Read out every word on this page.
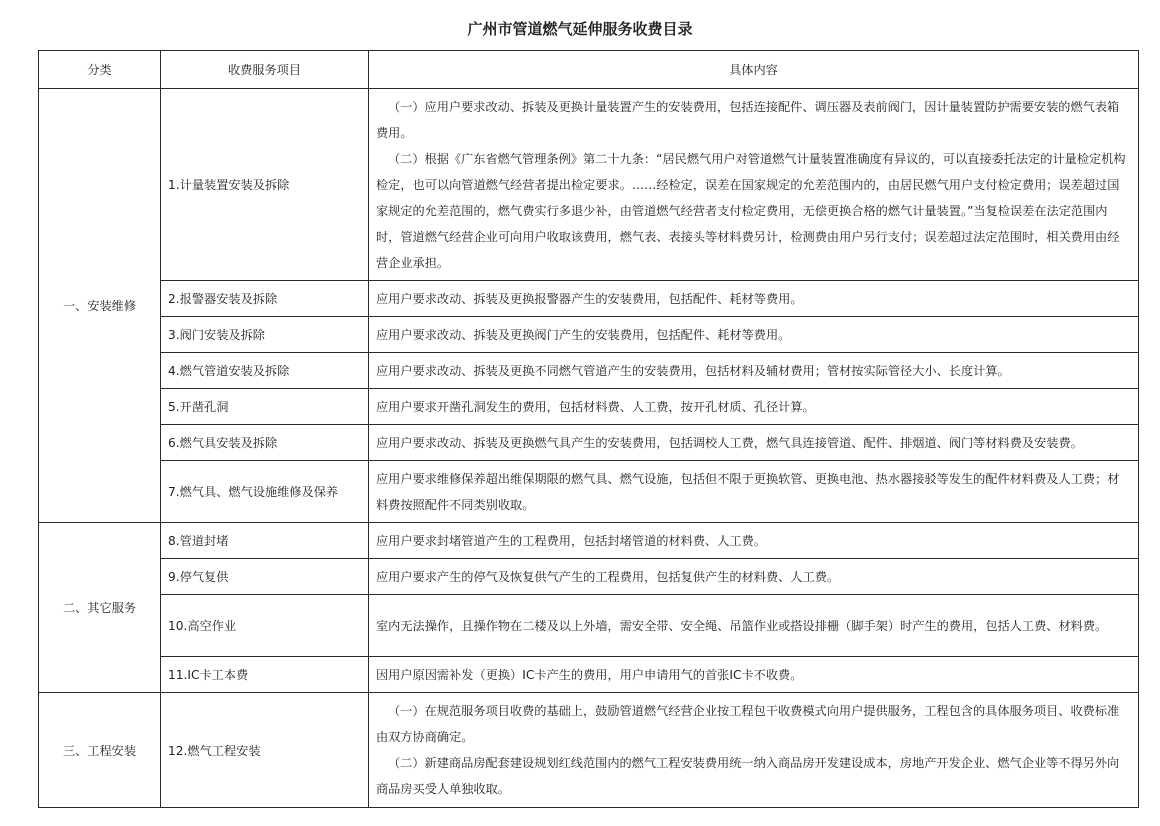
广州市管道燃气延伸服务收费目录
分类	收费服务项目	具体内容
一、安装维修	1.计量装置安装及拆除	（一）应用户要求改动、拆装及更换计量装置产生的安装费用，包括连接配件、调压器及表前阀门，因计量装置防护需要安装的燃气表箱费用。
（二）根据《广东省燃气管理条例》第二十九条：“居民燃气用户对管道燃气计量装置准确度有异议的，可以直接委托法定的计量检定机构检定，也可以向管道燃气经营者提出检定要求。……经检定，误差在国家规定的允差范围内的，由居民燃气用户支付检定费用；误差超过国家规定的允差范围的，燃气费实行多退少补，由管道燃气经营者支付检定费用，无偿更换合格的燃气计量装置。”当复检误差在法定范围内时，管道燃气经营企业可向用户收取该费用，燃气表、表接头等材料费另计，检测费由用户另行支付；误差超过法定范围时，相关费用由经营企业承担。

	2.报警器安装及拆除	应用户要求改动、拆装及更换报警器产生的安装费用，包括配件、耗材等费用。
	3.阀门安装及拆除	应用户要求改动、拆装及更换阀门产生的安装费用，包括配件、耗材等费用。
	4.燃气管道安装及拆除	应用户要求改动、拆装及更换不同燃气管道产生的安装费用，包括材料及辅材费用；管材按实际管径大小、长度计算。
	5.开凿孔洞	应用户要求开凿孔洞发生的费用，包括材料费、人工费，按开孔材质、孔径计算。
	6.燃气具安装及拆除	应用户要求改动、拆装及更换燃气具产生的安装费用，包括调校人工费，燃气具连接管道、配件、排烟道、阀门等材料费及安装费。
	7.燃气具、燃气设施维修及保养	应用户要求维修保养超出维保期限的燃气具、燃气设施，包括但不限于更换软管、更换电池、热水器接驳等发生的配件材料费及人工费；材料费按照配件不同类别收取。
二、其它服务	8.管道封堵	应用户要求封堵管道产生的工程费用，包括封堵管道的材料费、人工费。
	9.停气复供	应用户要求产生的停气及恢复供气产生的工程费用，包括复供产生的材料费、人工费。
	10.高空作业	室内无法操作，且操作物在二楼及以上外墙，需安全带、安全绳、吊篮作业或搭设排栅（脚手架）时产生的费用，包括人工费、材料费。
	11.IC卡工本费	因用户原因需补发（更换）IC卡产生的费用，用户申请用气的首张IC卡不收费。
三、工程安装	12.燃气工程安装	（一）在规范服务项目收费的基础上，鼓励管道燃气经营企业按工程包干收费模式向用户提供服务，工程包含的具体服务项目、收费标准由双方协商确定。
（二）新建商品房配套建设规划红线范围内的燃气工程安装费用统一纳入商品房开发建设成本，房地产开发企业、燃气企业等不得另外向商品房买受人单独收取。
